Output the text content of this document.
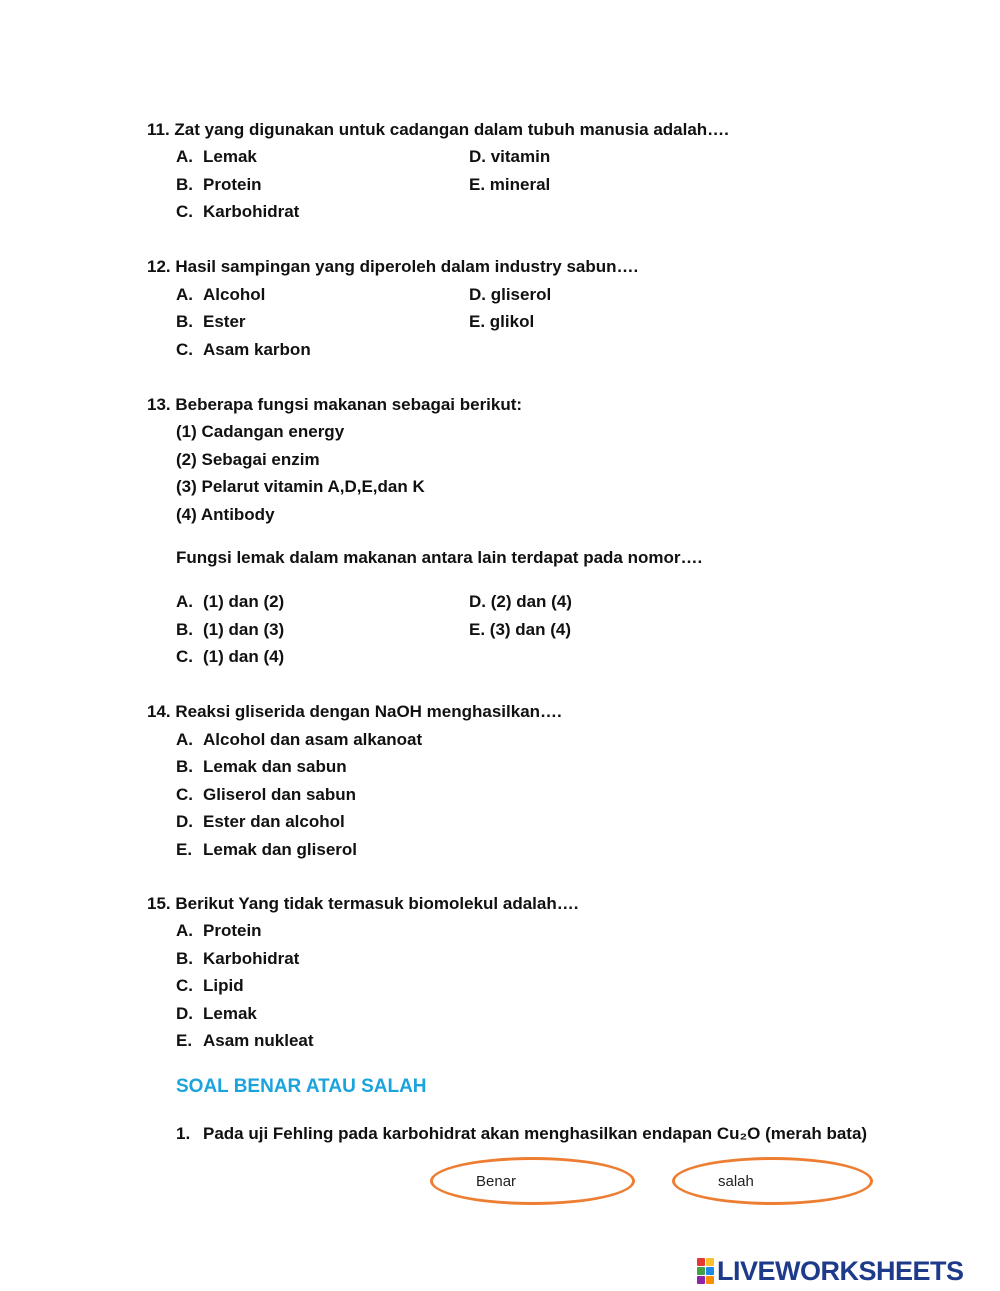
11. Zat yang digunakan untuk cadangan dalam tubuh manusia adalah….
A. Lemak
B. Protein
C. Karbohidrat
D. vitamin
E. mineral
12. Hasil sampingan yang diperoleh dalam industry sabun….
A. Alcohol
B. Ester
C. Asam karbon
D. gliserol
E. glikol
13. Beberapa fungsi makanan sebagai berikut:
(1) Cadangan energy
(2) Sebagai enzim
(3) Pelarut vitamin A,D,E,dan K
(4) Antibody
Fungsi lemak dalam makanan antara lain terdapat pada nomor….
A. (1) dan (2)
B. (1) dan (3)
C. (1) dan (4)
D. (2) dan (4)
E. (3) dan (4)
14. Reaksi gliserida dengan NaOH menghasilkan….
A. Alcohol dan asam alkanoat
B. Lemak dan sabun
C. Gliserol dan sabun
D. Ester dan alcohol
E. Lemak dan gliserol
15. Berikut Yang tidak termasuk biomolekul adalah….
A. Protein
B. Karbohidrat
C. Lipid
D. Lemak
E. Asam nukleat
SOAL BENAR ATAU SALAH
1. Pada uji Fehling pada karbohidrat akan menghasilkan endapan Cu₂O (merah bata)
Benar	salah
LIVEWORKSHEETS
